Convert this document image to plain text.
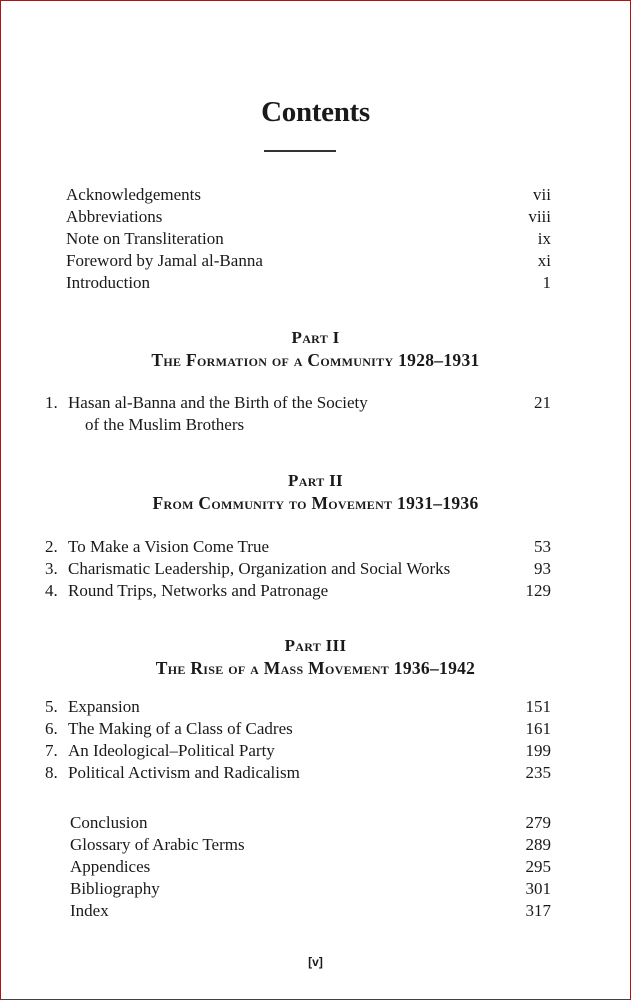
Contents
Acknowledgements	vii
Abbreviations	viii
Note on Transliteration	ix
Foreword by Jamal al-Banna	xi
Introduction	1
Part I
The Formation of a Community 1928–1931
1. Hasan al-Banna and the Birth of the Society	21
of the Muslim Brothers
Part II
From Community to Movement 1931–1936
2. To Make a Vision Come True	53
3. Charismatic Leadership, Organization and Social Works	93
4. Round Trips, Networks and Patronage	129
Part III
The Rise of a Mass Movement 1936–1942
5. Expansion	151
6. The Making of a Class of Cadres	161
7. An Ideological–Political Party	199
8. Political Activism and Radicalism	235
Conclusion	279
Glossary of Arabic Terms	289
Appendices	295
Bibliography	301
Index	317
[v]
